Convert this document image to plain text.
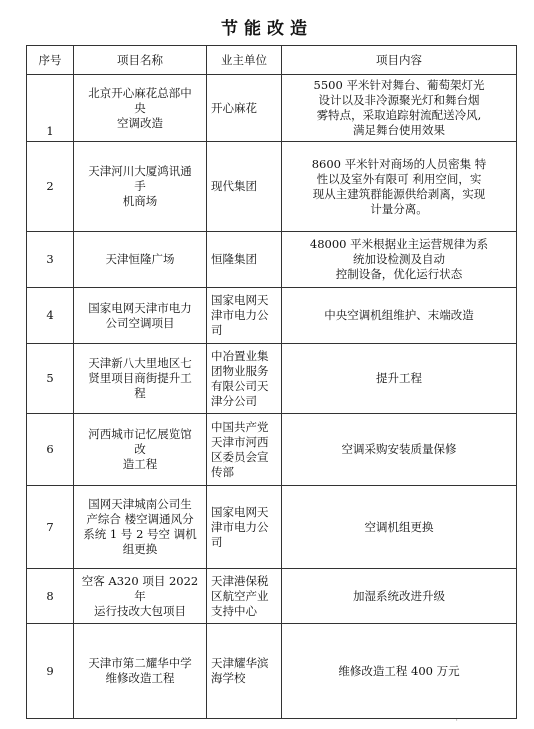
节能改造
序号	项目名称	业主单位	项目内容
1	北京开心麻花总部中
央
空调改造	开心麻花	5500 平米针对舞台、葡萄架灯光
设计以及非冷源聚光灯和舞台烟
雾特点，采取追踪射流配送冷风,
满足舞台使用效果
2	天津河川大厦鸿讯通
手
机商场	现代集团	8600 平米针对商场的人员密集 特
性以及室外有限可 利用空间，实
现从主建筑群能源供给剥离，实现
计量分离。
3	天津恒隆广场	恒隆集团	48000 平米根据业主运营规律为系
统加设检测及自动
控制设备，优化运行状态
4	国家电网天津市电力
公司空调项目	国家电网天
津市电力公
司	中央空调机组维护、末端改造
5	天津新八大里地区七
贤里项目商街提升工
程	中冶置业集
团物业服务
有限公司天
津分公司	提升工程
6	河西城市记忆展览馆
改
造工程	中国共产党
天津市河西
区委员会宣
传部	空调采购安装质量保修
7	国网天津城南公司生
产综合 楼空调通风分
系统 1 号 2 号空 调机
组更换	国家电网天
津市电力公
司	空调机组更换
8	空客 A320 项目 2022 年
运行技改大包项目	天津港保税
区航空产业
支持中心	加湿系统改进升级
9	天津市第二耀华中学
维修改造工程	天津耀华滨
海学校	维修改造工程 400 万元
'
